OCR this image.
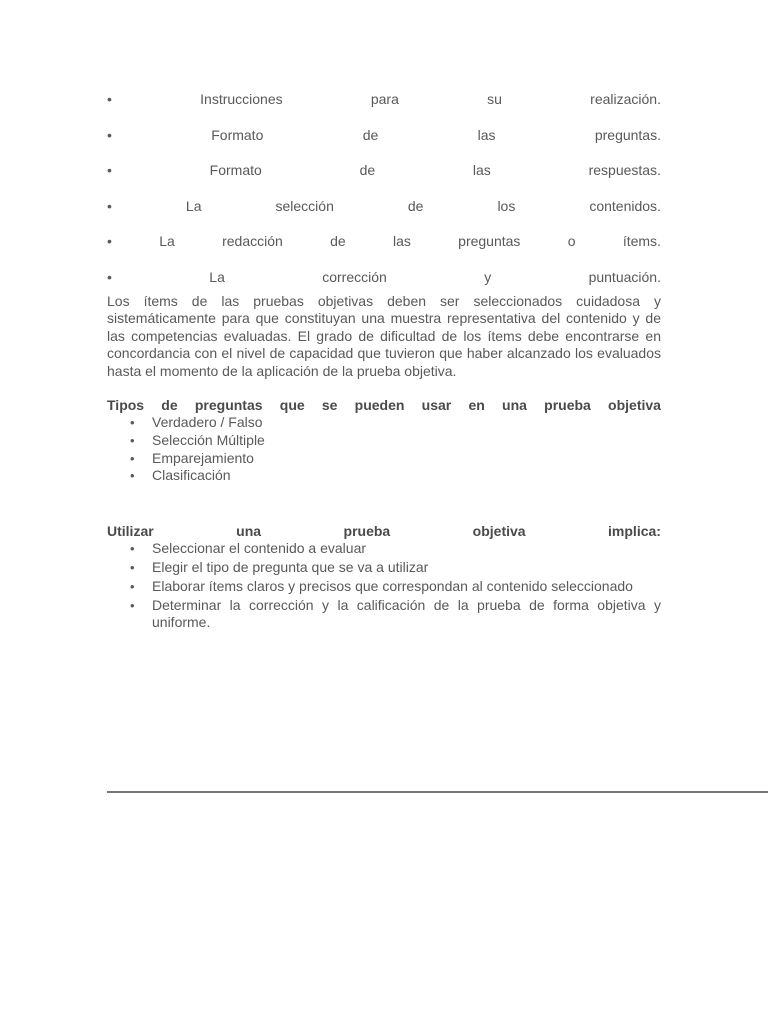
•	Instrucciones	para	su	realización.
•	Formato	de	las	preguntas.
•	Formato	de	las	respuestas.
•	La	selección	de	los	contenidos.
•	La	redacción	de	las	preguntas	o	ítems.
•	La	corrección	y	puntuación.

Los ítems de las pruebas objetivas deben ser seleccionados cuidadosa y sistemáticamente para que constituyan una muestra representativa del contenido y de las competencias evaluadas. El grado de dificultad de los ítems debe encontrarse en concordancia con el nivel de capacidad que tuvieron que haber alcanzado los evaluados hasta el momento de la aplicación de la prueba objetiva.

Tipos de preguntas que se pueden usar en una prueba objetiva
• Verdadero / Falso
• Selección Múltiple
• Emparejamiento
• Clasificación
Utilizar	una	prueba	objetiva	implica:
• Seleccionar el contenido a evaluar
• Elegir el tipo de pregunta que se va a utilizar
• Elaborar ítems claros y precisos que correspondan al contenido seleccionado
• Determinar la corrección y la calificación de la prueba de forma objetiva y uniforme.
